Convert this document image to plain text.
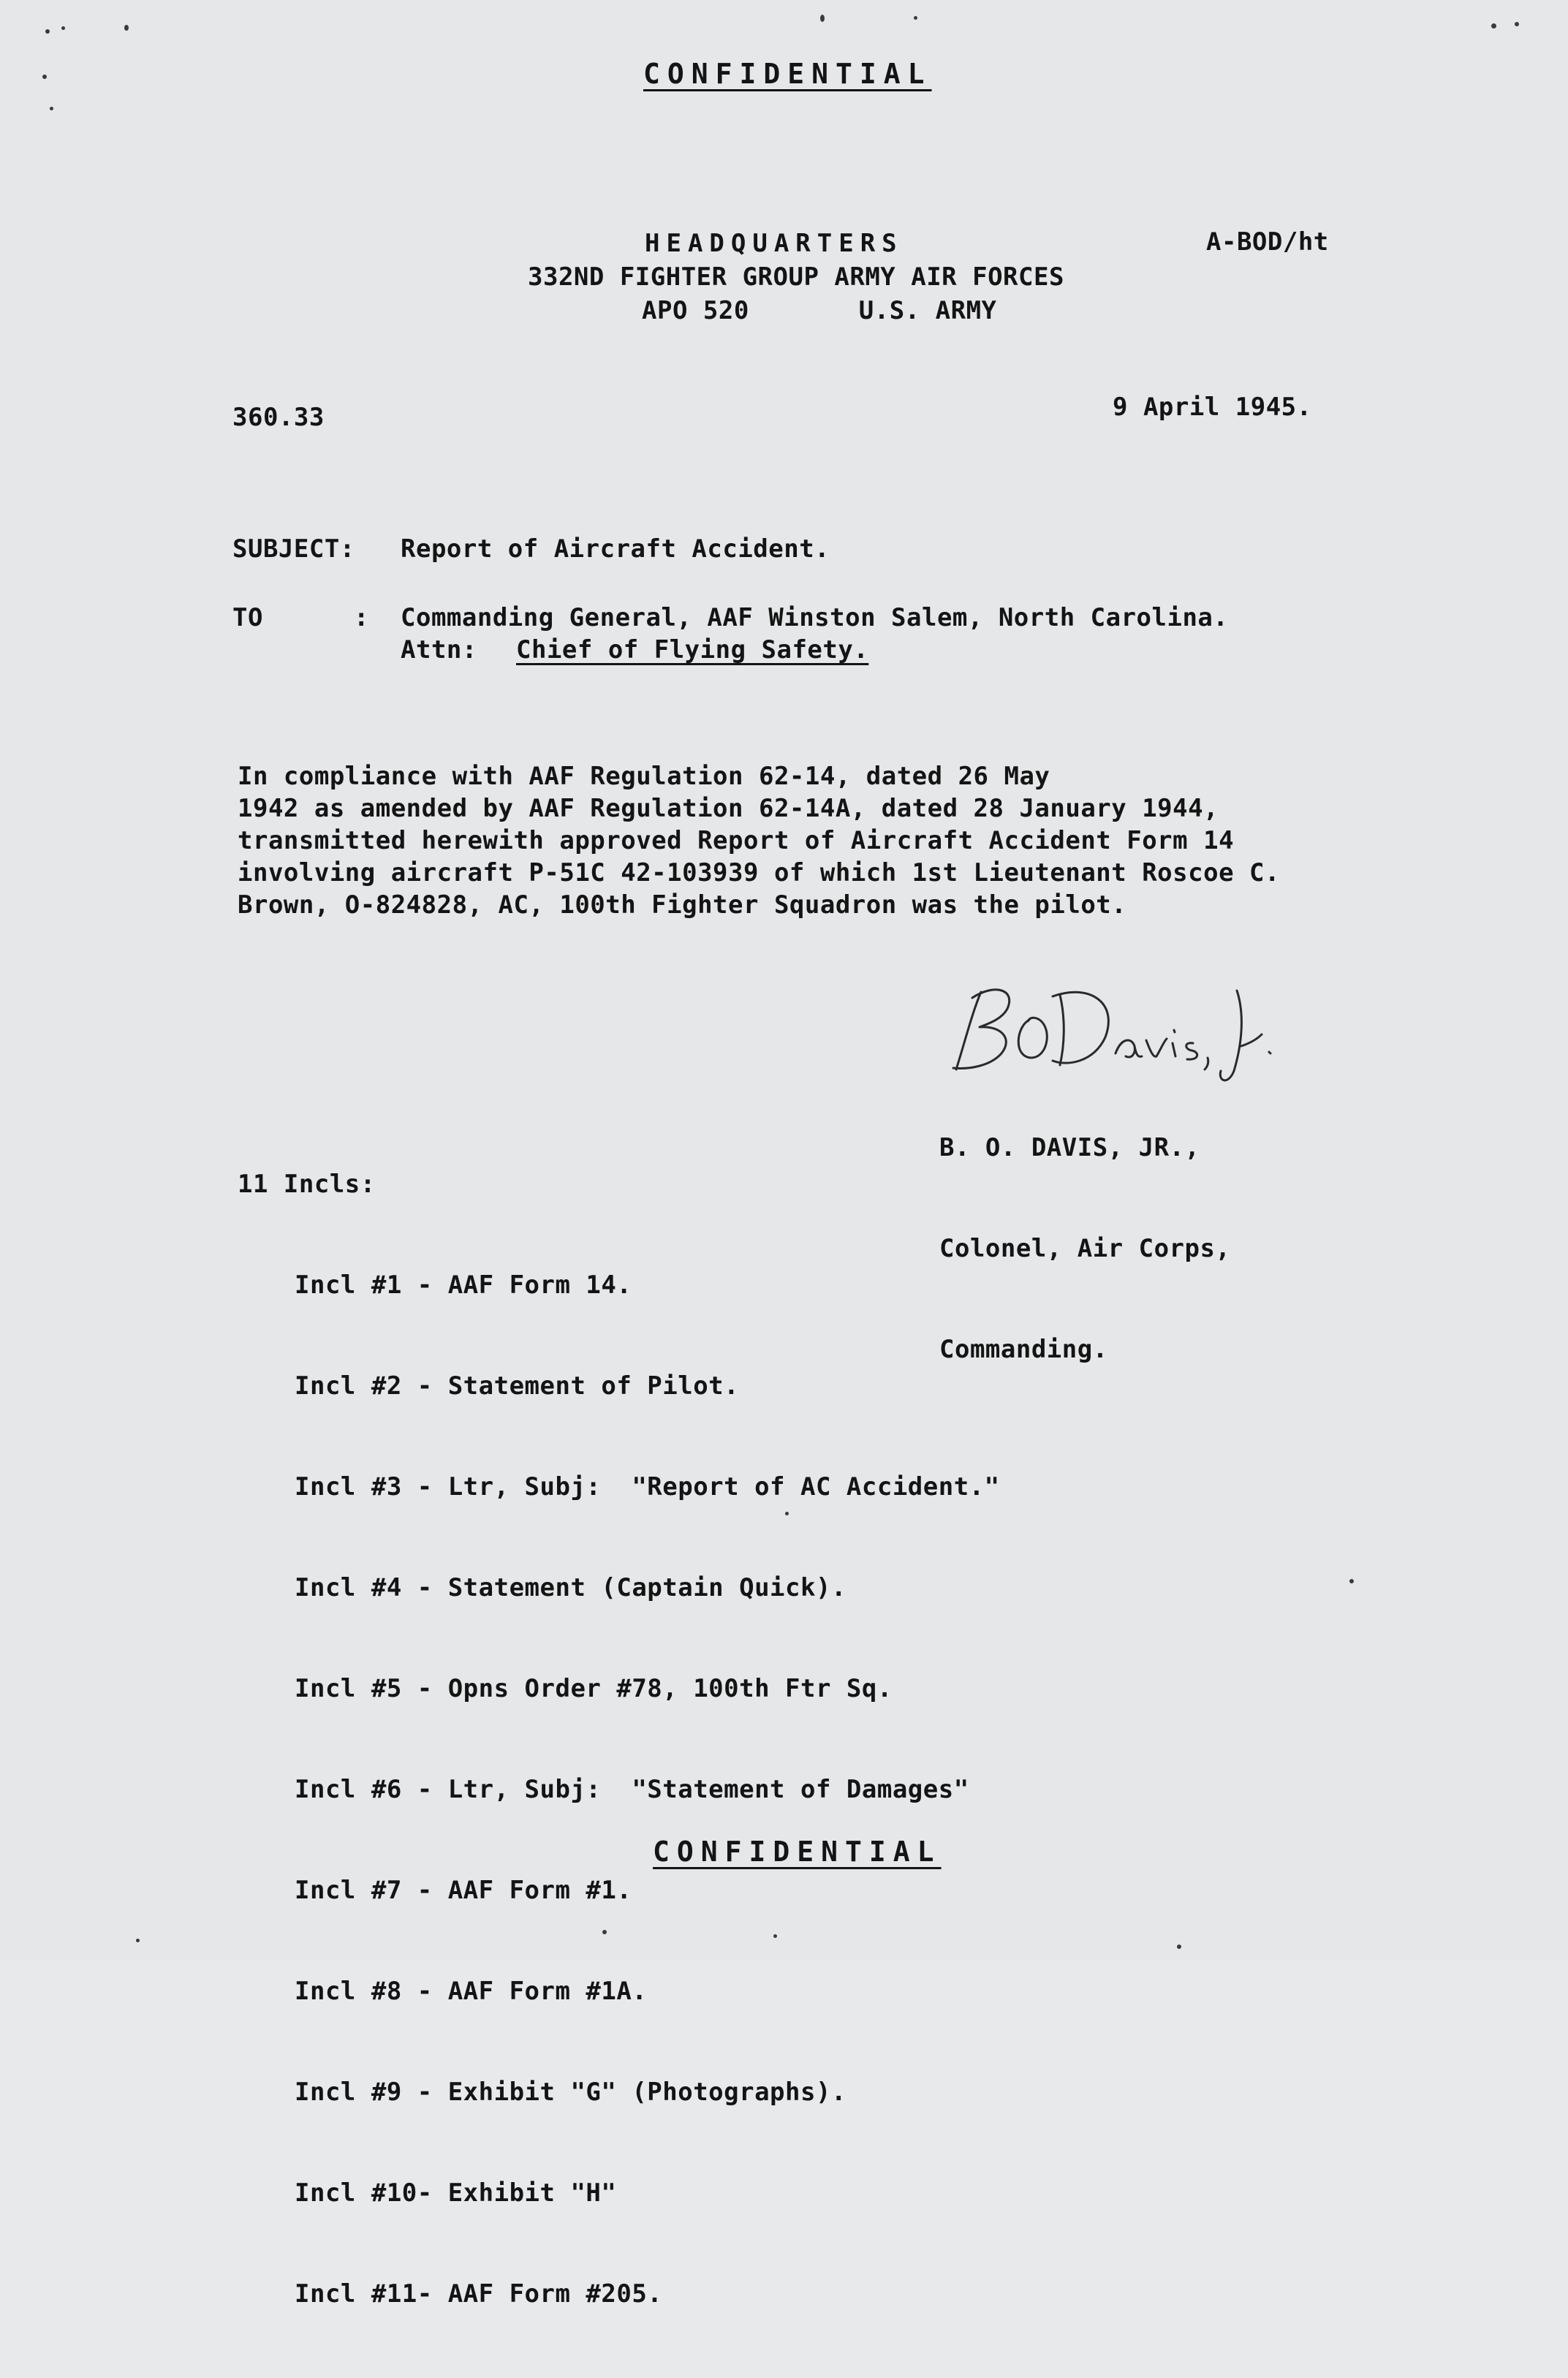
CONFIDENTIAL
HEADQUARTERS
332ND FIGHTER GROUP ARMY AIR FORCES
APO 520	U.S. ARMY
A-BOD/ht
360.33	9 April 1945.
SUBJECT: Report of Aircraft Accident.
TO	: Commanding General, AAF Winston Salem, North Carolina.
Attn: Chief of Flying Safety.
In compliance with AAF Regulation 62-14, dated 26 May
1942 as amended by AAF Regulation 62-14A, dated 28 January 1944,
transmitted herewith approved Report of Aircraft Accident Form 14
involving aircraft P-51C 42-103939 of which 1st Lieutenant Roscoe C.
Brown, O-824828, AC, 100th Fighter Squadron was the pilot.

B. O. DAVIS, JR.,

Colonel, Air Corps,

Commanding.

11 Incls:

Incl #1 - AAF Form 14.

Incl #2 - Statement of Pilot.

Incl #3 - Ltr, Subj:  "Report of AC Accident."

Incl #4 - Statement (Captain Quick).

Incl #5 - Opns Order #78, 100th Ftr Sq.

Incl #6 - Ltr, Subj:  "Statement of Damages"

Incl #7 - AAF Form #1.

Incl #8 - AAF Form #1A.

Incl #9 - Exhibit "G" (Photographs).

Incl #10- Exhibit "H"

Incl #11- AAF Form #205.

CONFIDENTIAL
